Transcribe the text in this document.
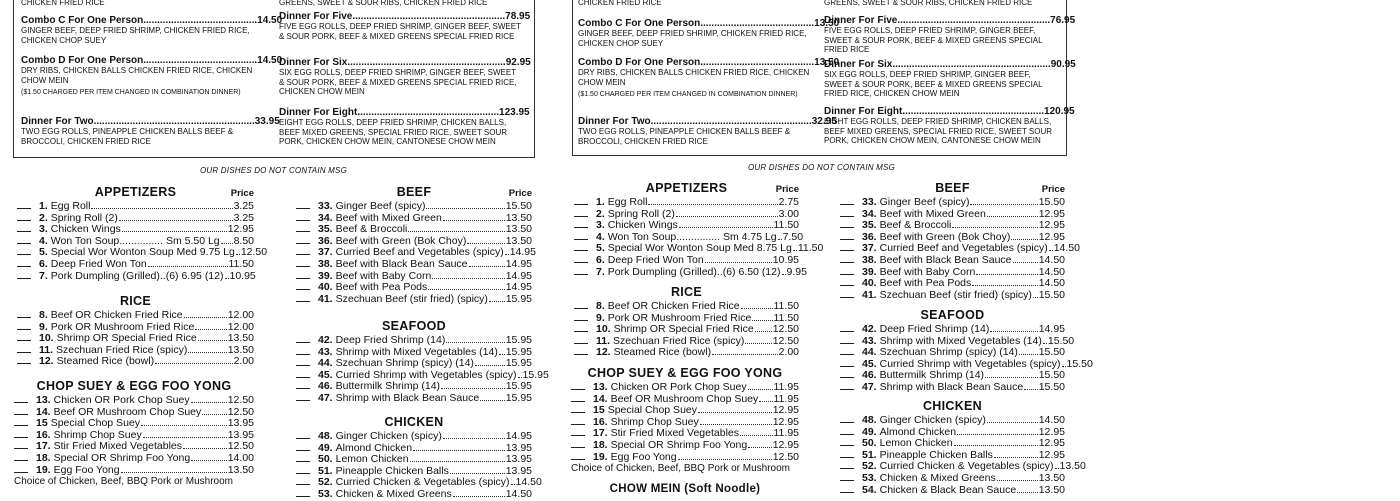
CHICKEN FRIED RICE
Combo C For One Person.........................................14.50
GINGER BEEF, DEEP FRIED SHRIMP, CHICKEN FRIED RICE, CHICKEN CHOP SUEY
Combo D For One Person.........................................14.50
DRY RIBS, CHICKEN BALLS CHICKEN FRIED RICE, CHICKEN CHOW MEIN
($1.50 CHARGED PER ITEM CHANGED IN COMBINATION DINNER)
Dinner For Two..........................................................33.95
TWO EGG ROLLS, PINEAPPLE CHICKEN BALLS BEEF & BROCCOLI, CHICKEN FRIED RICE
GREENS, SWEET & SOUR RIBS, CHICKEN FRIED RICE
Dinner For Five.......................................................78.95
FIVE EGG ROLLS, DEEP FRIED SHRIMP, GINGER BEEF, SWEET & SOUR PORK, BEEF & MIXED GREENS SPECIAL FRIED RICE
Dinner For Six.........................................................92.95
SIX EGG ROLLS, DEEP FRIED SHRIMP, GINGER BEEF, SWEET & SOUR PORK, BEEF & MIXED GREENS SPECIAL FRIED RICE, CHICKEN CHOW MEIN
Dinner For Eight...................................................123.95
EIGHT EGG ROLLS, DEEP FRIED SHRIMP, CHICKEN BALLS, BEEF MIXED GREENS, SPECIAL FRIED RICE, SWEET SOUR PORK, CHICKEN CHOW MEIN, CANTONESE CHOW MEIN
OUR DISHES DO NOT CONTAIN MSG
APPETIZERS	Price
1. Egg Roll	3.25
2. Spring Roll (2)	3.25
3. Chicken Wings	12.95
4. Won Ton Soup............... Sm 5.50 Lg 8.50
5. Special Wor Wonton Soup Med 9.75 Lg 12.50
6. Deep Fried Won Ton	11.50
7. Pork Dumpling (Grilled)..(6) 6.95 (12) 10.95
RICE
8. Beef OR Chicken Fried Rice	12.00
9. Pork OR Mushroom Fried Rice	12.00
10. Shrimp OR Special Fried Rice	13.50
11. Szechuan Fried Rice (spicy)	13.50
12. Steamed Rice (bowl)	2.00
CHOP SUEY & EGG FOO YONG
13. Chicken OR Pork Chop Suey	12.50
14. Beef OR Mushroom Chop Suey	12.50
15 Special Chop Suey	13.95
16. Shrimp Chop Suey	13.95
17. Stir Fried Mixed Vegetables	12.50
18. Special OR Shrimp Foo Yong	14.00
19. Egg Foo Yong	13.50
Choice of Chicken, Beef, BBQ Pork or Mushroom
BEEF	Price
33. Ginger Beef (spicy)	15.50
34. Beef with Mixed Green	13.50
35. Beef & Broccoli	13.50
36. Beef with Green (Bok Choy)	13.50
37. Curried Beef and Vegetables (spicy) 14.95
38. Beef with Black Bean Sauce	14.95
39. Beef with Baby Corn	14.95
40. Beef with Pea Pods	14.95
41. Szechuan Beef (stir fried) (spicy) 15.95
SEAFOOD
42. Deep Fried Shrimp (14)	15.95
43. Shrimp with Mixed Vegetables (14) 15.95
44. Szechuan Shrimp (spicy) (14)	15.95
45. Curried Shrimp with Vegetables (spicy) 15.95
46. Buttermilk Shrimp (14)	15.95
47. Shrimp with Black Bean Sauce	15.95
CHICKEN
48. Ginger Chicken (spicy)	14.95
49. Almond Chicken	13.95
50. Lemon Chicken	13.95
51. Pineapple Chicken Balls	13.95
52. Curried Chicken & Vegetables (spicy) 14.50
53. Chicken & Mixed Greens	14.50
CHICKEN FRIED RICE
Combo C For One Person.........................................13.50
GINGER BEEF, DEEP FRIED SHRIMP, CHICKEN FRIED RICE, CHICKEN CHOP SUEY
Combo D For One Person.........................................13.50
DRY RIBS, CHICKEN BALLS CHICKEN FRIED RICE, CHICKEN CHOW MEIN
($1.50 CHARGED PER ITEM CHANGED IN COMBINATION DINNER)
Dinner For Two..........................................................32.95
TWO EGG ROLLS, PINEAPPLE CHICKEN BALLS BEEF & BROCCOLI, CHICKEN FRIED RICE
GREENS, SWEET & SOUR RIBS, CHICKEN FRIED RICE
Dinner For Five.......................................................76.95
FIVE EGG ROLLS, DEEP FRIED SHRIMP, GINGER BEEF, SWEET & SOUR PORK, BEEF & MIXED GREENS SPECIAL FRIED RICE
Dinner For Six.........................................................90.95
SIX EGG ROLLS, DEEP FRIED SHRIMP, GINGER BEEF, SWEET & SOUR PORK, BEEF & MIXED GREENS SPECIAL FRIED RICE, CHICKEN CHOW MEIN
Dinner For Eight...................................................120.95
EIGHT EGG ROLLS, DEEP FRIED SHRIMP, CHICKEN BALLS, BEEF MIXED GREENS, SPECIAL FRIED RICE, SWEET SOUR PORK, CHICKEN CHOW MEIN, CANTONESE CHOW MEIN
OUR DISHES DO NOT CONTAIN MSG
APPETIZERS	Price
1. Egg Roll	2.75
2. Spring Roll (2)	3.00
3. Chicken Wings	11.50
4. Won Ton Soup............... Sm 4.75 Lg 7.50
5. Special Wor Wonton Soup Med 8.75 Lg 11.50
6. Deep Fried Won Ton	10.95
7. Pork Dumpling (Grilled)..(6) 6.50 (12) 9.95
RICE
8. Beef OR Chicken Fried Rice	11.50
9. Pork OR Mushroom Fried Rice 11.50
10. Shrimp OR Special Fried Rice 12.50
11. Szechuan Fried Rice (spicy)	12.50
12. Steamed Rice (bowl)	2.00
CHOP SUEY & EGG FOO YONG
13. Chicken OR Pork Chop Suey	11.95
14. Beef OR Mushroom Chop Suey 11.95
15 Special Chop Suey	12.95
16. Shrimp Chop Suey	12.95
17. Stir Fried Mixed Vegetables	11.95
18. Special OR Shrimp Foo Yong 12.95
19. Egg Foo Yong	12.50
Choice of Chicken, Beef, BBQ Pork or Mushroom
CHOW MEIN (Soft Noodle)
BEEF	Price
33. Ginger Beef (spicy)	15.50
34. Beef with Mixed Green	12.95
35. Beef & Broccoli	12.95
36. Beef with Green (Bok Choy)	12.95
37. Curried Beef and Vegetables (spicy) 14.50
38. Beef with Black Bean Sauce	14.50
39. Beef with Baby Corn	14.50
40. Beef with Pea Pods	14.50
41. Szechuan Beef (stir fried) (spicy) 15.50
SEAFOOD
42. Deep Fried Shrimp (14)	14.95
43. Shrimp with Mixed Vegetables (14) 15.50
44. Szechuan Shrimp (spicy) (14) 15.50
45. Curried Shrimp with Vegetables (spicy) 15.50
46. Buttermilk Shrimp (14)	15.50
47. Shrimp with Black Bean Sauce 15.50
CHICKEN
48. Ginger Chicken (spicy)	14.50
49. Almond Chicken	12.95
50. Lemon Chicken	12.95
51. Pineapple Chicken Balls	12.95
52. Curried Chicken & Vegetables (spicy) 13.50
53. Chicken & Mixed Greens	13.50
54. Chicken & Black Bean Sauce 13.50
